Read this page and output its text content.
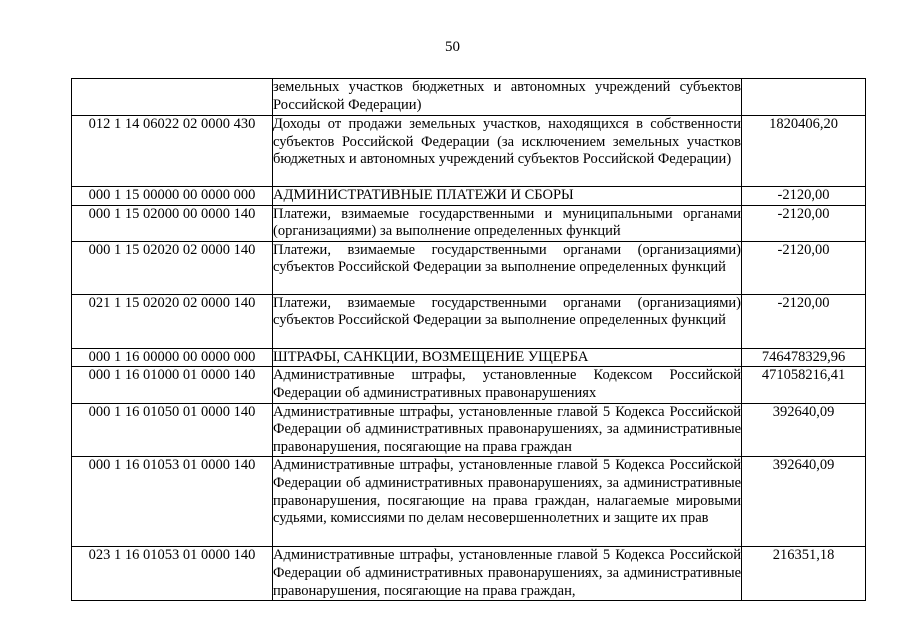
50
	земельных участков бюджетных и автономных учреждений субъектов Российской Федерации)	
012 1 14 06022 02 0000 430	Доходы от продажи земельных участков, находящихся в собственности субъектов Российской Федерации (за исключением земельных участков бюджетных и автономных учреждений субъектов Российской Федерации)	1820406,20
000 1 15 00000 00 0000 000	АДМИНИСТРАТИВНЫЕ ПЛАТЕЖИ И СБОРЫ	-2120,00
000 1 15 02000 00 0000 140	Платежи, взимаемые государственными и муниципальными органами (организациями) за выполнение определенных функций	-2120,00
000 1 15 02020 02 0000 140	Платежи, взимаемые государственными органами (организациями) субъектов Российской Федерации за выполнение определенных функций	-2120,00
021 1 15 02020 02 0000 140	Платежи, взимаемые государственными органами (организациями) субъектов Российской Федерации за выполнение определенных функций	-2120,00
000 1 16 00000 00 0000 000	ШТРАФЫ, САНКЦИИ, ВОЗМЕЩЕНИЕ УЩЕРБА	746478329,96
000 1 16 01000 01 0000 140	Административные штрафы, установленные Кодексом Российской Федерации об административных правонарушениях	471058216,41
000 1 16 01050 01 0000 140	Административные штрафы, установленные главой 5 Кодекса Российской Федерации об административных правонарушениях, за административные правонарушения, посягающие на права граждан	392640,09
000 1 16 01053 01 0000 140	Административные штрафы, установленные главой 5 Кодекса Российской Федерации об административных правонарушениях, за административные правонарушения, посягающие на права граждан, налагаемые мировыми судьями, комиссиями по делам несовершеннолетних и защите их прав	392640,09
023 1 16 01053 01 0000 140	Административные штрафы, установленные главой 5 Кодекса Российской Федерации об административных правонарушениях, за административные правонарушения, посягающие на права граждан,	216351,18
